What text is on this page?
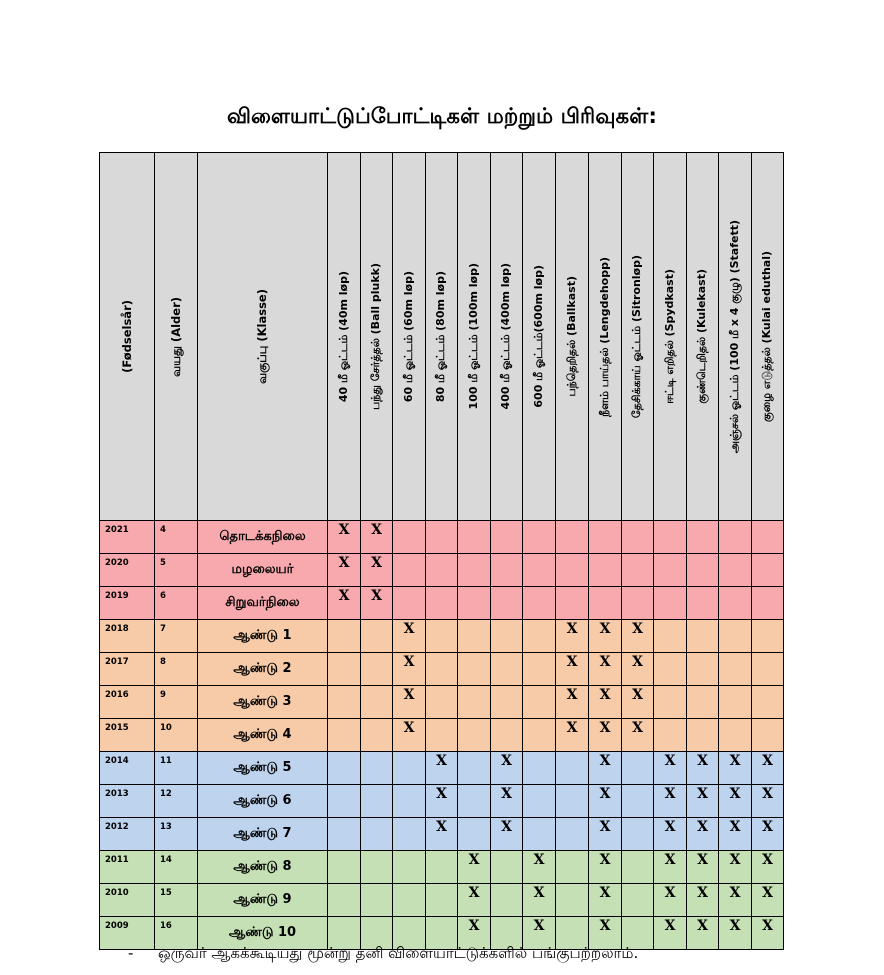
விளையாட்டுப்போட்டிகள் மற்றும் பிரிவுகள்:
(Fødselsår)	வயது (Alder)	வகுப்பு (Klasse)	40 மீ ஓட்டம் (40m løp)	பந்து சேர்த்தல் (Ball plukk)	60 மீ ஓட்டம் (60m løp)	80 மீ ஓட்டம் (80m løp)	100 மீ ஓட்டம் (100m løp)	400 மீ ஓட்டம் (400m løp)	600 மீ ஓட்டம்(600m løp)	பந்தெறிதல் (Ballkast)	நீளம் பாய்தல் (Lengdehopp)	தேசிக்காய் ஓட்டம் (Sitronløp)	ஈட்டி எறிதல் (Spydkast)	குண்டெறிதல் (Kulekast)	அஞ்சல் ஓட்டம் (100 மீ x 4 குழு) (Stafett)	குழை எடுத்தல் (Kulai eduthal)

2021	4	தொடக்கநிலை	X	X												
2020	5	மழலையர்	X	X												
2019	6	சிறுவர்நிலை	X	X												
2018	7	ஆண்டு 1			X					X	X	X				
2017	8	ஆண்டு 2			X					X	X	X				
2016	9	ஆண்டு 3			X					X	X	X				
2015	10	ஆண்டு 4			X					X	X	X				
2014	11	ஆண்டு 5				X		X			X		X	X	X	X
2013	12	ஆண்டு 6				X		X			X		X	X	X	X
2012	13	ஆண்டு 7				X		X			X		X	X	X	X
2011	14	ஆண்டு 8					X		X		X		X	X	X	X
2010	15	ஆண்டு 9					X		X		X		X	X	X	X
2009	16	ஆண்டு 10					X		X		X		X	X	X	X
- ஒருவர் ஆகக்கூடியது மூன்று தனி விளையாட்டுக்களில் பங்குபற்றலாம்.
